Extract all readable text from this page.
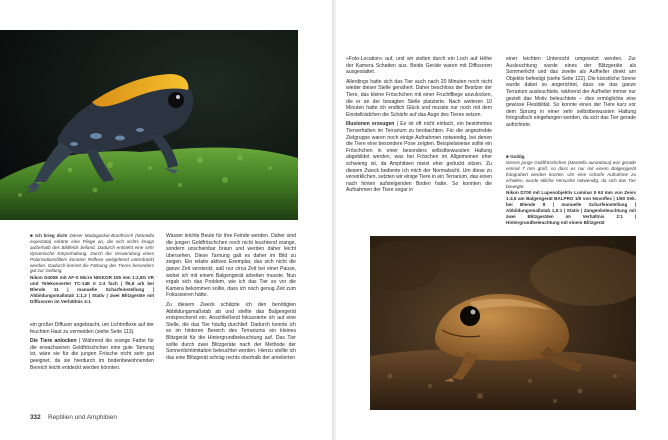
■ Ich krieg dich! Dieser Madagaskar-Buntfrosch (Mantella expectata) erkärte eine Fliege an, die sich nichts knapp außerhalb des Bildfelds befand. Dadurch entsteht eine sehr dynamische Körperhaltung. Durch die Verwendung eines Polarisationsfilters konnten Reflexe weitgehend unterdrückt werden. Dadurch kommt die Färbung des Tieres besonders gut zur Geltung.
Nikon D400E mit AF-S Micro NIKKOR 105 mm 1:2,8G VR und Telekonverter TC-14E II 1:4 fach | f/6,8 ark bei Blende 11 | manuelle Scharfeinstellung | Abbildungsmaßstab 1:1,3 | Stativ | zwei Blitzgeräte mit Diffusoren im Verhältnis 4:1

ein großer Diffusor angebracht, um Lichtreflexe auf der feuchten Haut zu vermeiden (siehe Seite 113).

Die Tiere anlocken | Während die orange Farbe für die erwachsenen Goldfröschchen eine gute Tarnung ist, wäre sie für die jungen Frösche nicht sehr gut geeignet, da sie hierdurch im bodenbewohnenden Bereich leicht entdeckt werden könnten.

Wasser leichte Beute für ihre Feinde werden. Daher sind die jungen Goldfröschchen noch nicht leuchtend orange, sondern unscheinbar braun und werden daher leicht übersehen. Diese Tarnung galt es daher im Bild zu zeigen. Ein relativ aktives Exemplar, das sich nicht die ganze Zeit versteckt, saß nur circa Zeit bei einer Pause, wobei ich mit einem Balgengerät arbeiten musste. Nun ergab sich das Problem, wie ich das Tier so vor die Kamera bekommen sollte, dass ich noch genug Zeit zum Fokussieren hätte.

Zu diesem Zweck schätzte ich den benötigten Abbildungsmaßstab ab und stellte das Balgengerät entsprechend ein. Anschließend fokussierte ich auf eine Stelle, die das Tier häufig durchlief. Dadurch konnte ich so im hinteren Bereich des Terrariums ein kleines Blitzgerät für die Hintergrundbeleuchtung auf. Das Tier sollte durch zwei Blitzgeräte nach der Methode der Sonnenlichtimitation beleuchtet werden. Hierzu stellte ich das eine Blitzgerät schräg rechts oberhalb der amelierten

332 Reptilien und Amphibien

»Foto-Location« auf, und wir zielten durch ein Loch auf Höhe der Kamera Schatten aus. Beide Geräte waren mit Diffusoren ausgestattet.

Allerdings hatte sich das Tier auch nach 20 Minuten noch nicht wieder dieser Stelle genähert. Daher beschloss der Besitzer der Tiere, das kleine Fröschchen mit einer Fruchtfliege anzulocken, die er an der besagten Stelle platzierte. Nach weiteren 10 Minuten hatte ich endlich Glück und musste nur noch mit dem Einstellrädchen die Schärfe auf das Auge des Tieres setzen.

Illusionen erzeugen | Es ist oft nicht einfach, ein bestimmtes Tierverhalten im Terrarium zu beobachten. Für die angestrebte Zielgruppe waren noch einige Aufnahmen notwendig, bei denen die Tiere eine besondere Pose zeigten. Beispielsweise sollte ein Fröschchen in einer besonders selbstbewussten Haltung abgebildet werden, was bei Fröschen im Allgemeinen eher schwierig ist, da Amphibien meist eher geduckt sitzen. Zu diesem Zweck bediente ich mich der Normalsicht. Um diese zu verwirklichen, setzten wir einige Tiere in ein Terrarium, das einen nach hinten aufsteigenden Boden hatte. So konnten die Aufnahmen der Tiere sogar in

einer leichten Untersicht umgesetzt werden. Zur Ausleuchtung wurde eines der Blitzgeräte als Sommerlicht und das zweite als Aufheller direkt am Objektiv befestigt (siehe Seite 122). Die künstliche Sonne wurde dabei so angerichtet, dass sie das ganze Terrarium ausleuchtete, während der Aufheller immer nur gezielt das Motiv beleuchtete – dies ermöglichte eine gewisse Flexibilität. So konnte eines der Tiere kurz vor dem Sprung in einer sehr selbstbewussten Haltung fotografisch eingefangen werden, da sich das Tier gerade aufrichtete.

■ Goldig
Dieses junge Goldfröschchen (Mantella aurantiaca) war gerade einmal 7 mm groß, so dass es nur mit einem Balgengerät fotografiert werden konnte. Um eine scharfe Aufnahme zu erhalten, wurde etliche Versuche notwendig, da sich das Tier bewegte.
Nikon D700 mit Lupenobjektiv Luminar II 63 mm von Zeiss 1:4,5 am Balgengerät BALPRO 1/5 von Novoflex | 1/60 Sek. bei Blende 8 | manuelle Scharfeinstellung | Abbildungsmaßstab 1,5:1 | Stativ | Zangenbeleuchtung mit zwei Blitzgeräten im Verhältnis 2:1 | Hintergrundbeleuchtung mit einem Blitzgerät
